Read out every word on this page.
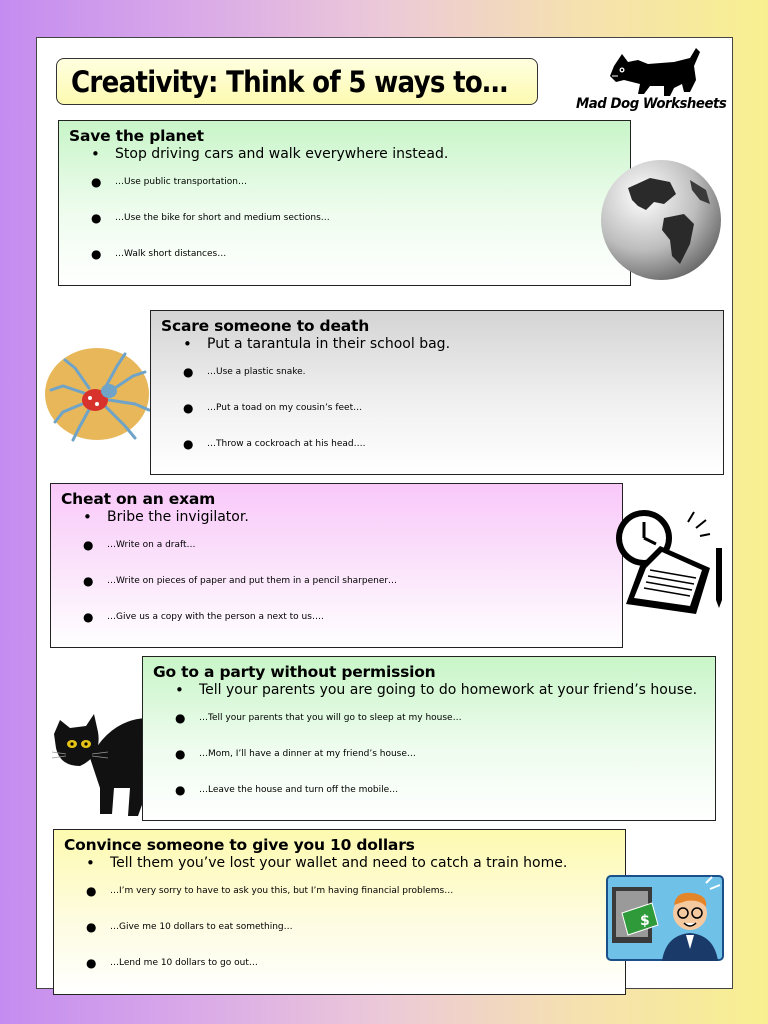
Creativity: Think of 5 ways to…
Mad Dog Worksheets
Save the planet
• Stop driving cars and walk everywhere instead.
● …Use public transportation…
● …Use the bike for short and medium sections…
● …Walk short distances…
Scare someone to death
• Put a tarantula in their school bag.
● …Use a plastic snake.
● …Put a toad on my cousin’s feet…
● …Throw a cockroach at his head….
Cheat on an exam
• Bribe the invigilator.
● …Write on a draft…
● …Write on pieces of paper and put them in a pencil sharpener…
● …Give us a copy with the person a next to us….
Go to a party without permission
• Tell your parents you are going to do homework at your friend’s house.
● …Tell your parents that you will go to sleep at my house…
● …Mom, I’ll have a dinner at my friend’s house…
● …Leave the house and turn off the mobile…
Convince someone to give you 10 dollars
• Tell them you’ve lost your wallet and need to catch a train home.
● …I’m very sorry to have to ask you this, but I’m having financial problems…
● …Give me 10 dollars to eat something…
● …Lend me 10 dollars to go out…
$
